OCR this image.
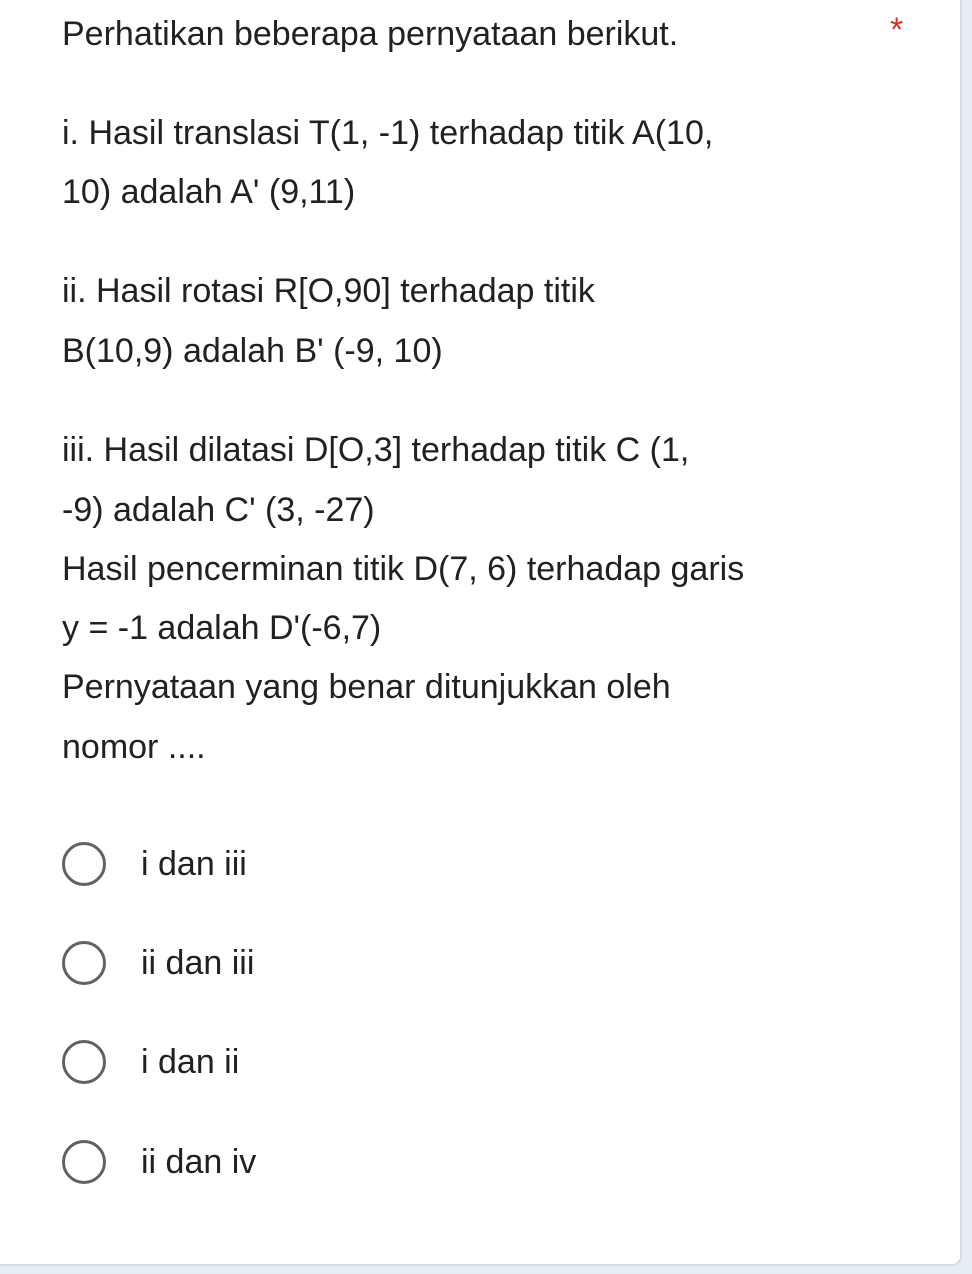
*
Perhatikan beberapa pernyataan berikut.
i. Hasil translasi T(1, -1) terhadap titik A(10,
10) adalah A' (9,11)
ii. Hasil rotasi R[O,90] terhadap titik
B(10,9) adalah B' (-9, 10)
iii. Hasil dilatasi D[O,3] terhadap titik C (1,
-9) adalah C' (3, -27)
Hasil pencerminan titik D(7, 6) terhadap garis
y = -1 adalah D'(-6,7)
Pernyataan yang benar ditunjukkan oleh
nomor ....
i dan iii
ii dan iii
i dan ii
ii dan iv
